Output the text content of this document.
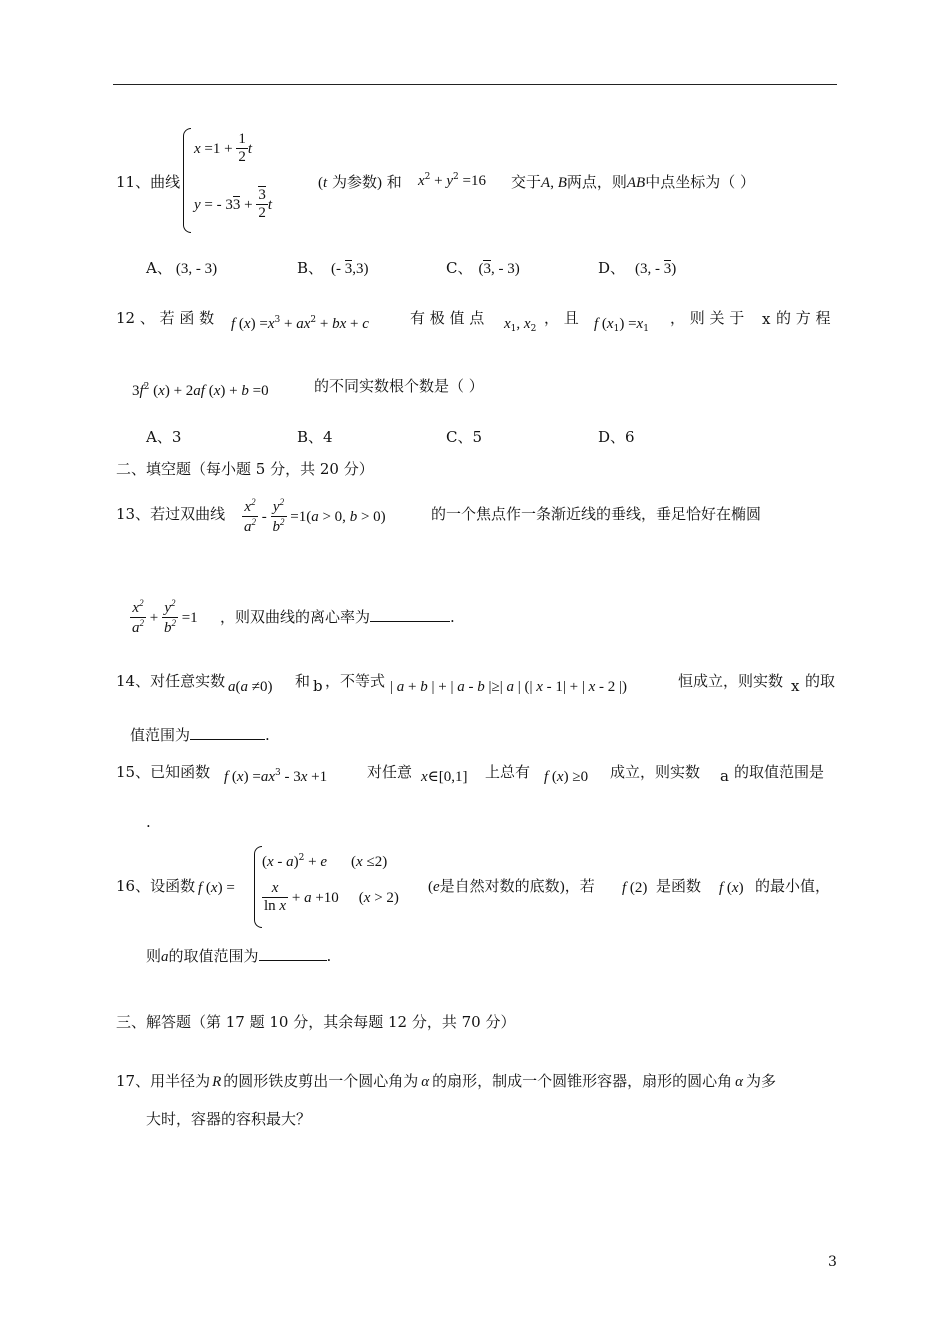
11、曲线
$x =1 + \frac{1}{2}$ t
y = - $33 + \frac{3}{2}$ t
(t 为参数) 和 $x^2 + y^2 =16$ 交于A, B两点，则AB中点坐标为（ ）
A、 (3, - 3)	B、 (- 3,3)	C、 (3, - 3)	D、 (3, - 3)
12 、 若 函 数 f $(x) =x^3 + ax^2$ + bx + c	有 极 值 点 $x_1$, $x_2$
， 且 f $(x_1) =x_1$
， 则 关 于 x 的 方 程
$3f^2$ (x) + 2af (x) + b =0	的不同实数根个数是（ ）
A、3	B、4	C、5	D、6
二、填空题（每小题 5 分，共 20 分）
13、若过双曲线 $\frac{x^2}{a^2} - \frac{y^2}{b^2} =1(a > 0$, b > 0)	的一个焦点作一条渐近线的垂线，垂足恰好在椭圆
$\frac{x^2}{a^2} + \frac{y^2}{b^2} =1$ ，则双曲线的离心率为	.
14、对任意实数 a(a ≠0) 和 b ，不等式 | a + b | + | a - b |≥| a | (| x - 1| + | x - 2 |)	恒成立，则实数 x 的取
值范围为	.
15、已知函数 f $(x) =ax^3 - 3x +1$	对任意 x∈[0,1] 上总有 f (x) ≥0 成立，则实数 a 的取值范围是
.
16、设函数 f (x) =
(x - a)$^2$ + e (x ≤2)
$\frac{x}{\text{ln x}} + a +10$ (x > 2)
(e是自然对数的底数)，若 f (2) 是函数 f (x) 的最小值，
则a的取值范围为	.
三、解答题（第 17 题 10 分，其余每题 12 分，共 70 分）
17、用半径为 R 的圆形铁皮剪出一个圆心角为 α 的扇形，制成一个圆锥形容器，扇形的圆心角 α 为多
大时，容器的容积最大？
3
